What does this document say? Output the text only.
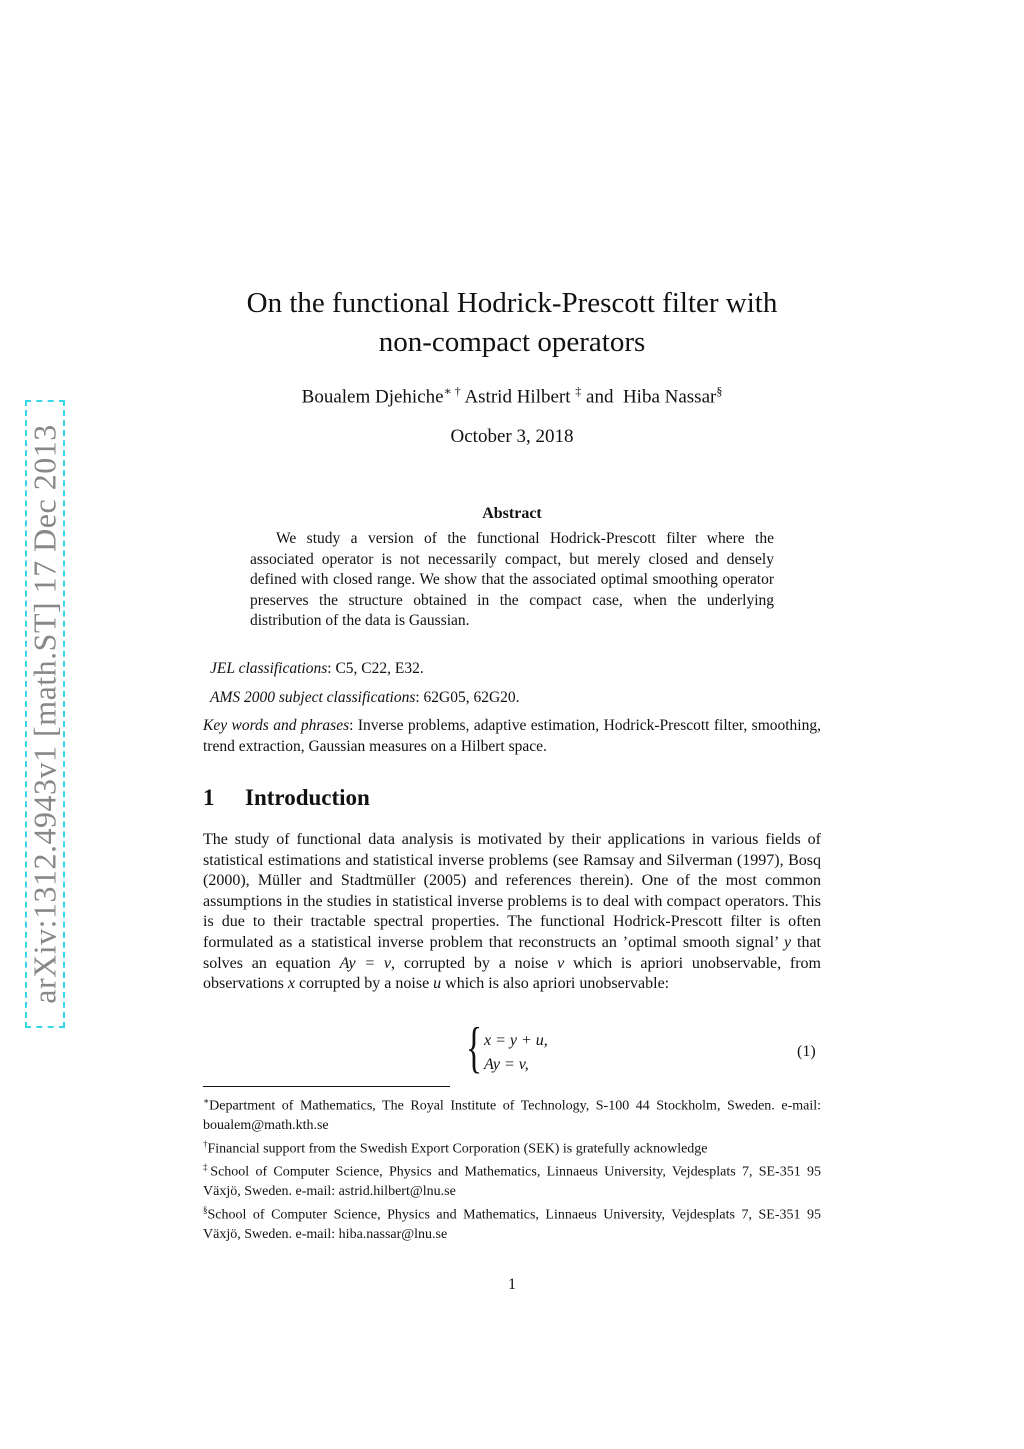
arXiv:1312.4943v1 [math.ST] 17 Dec 2013
On the functional Hodrick-Prescott filter with
non-compact operators
Boualem Djehiche∗ † Astrid Hilbert ‡ and Hiba Nassar§
October 3, 2018
Abstract
We study a version of the functional Hodrick-Prescott filter where the associated operator is not necessarily compact, but merely closed and densely defined with closed range. We show that the associated optimal smoothing operator preserves the structure obtained in the compact case, when the underlying distribution of the data is Gaussian.
JEL classifications: C5, C22, E32.
AMS 2000 subject classifications: 62G05, 62G20.
Key words and phrases: Inverse problems, adaptive estimation, Hodrick-Prescott filter, smoothing, trend extraction, Gaussian measures on a Hilbert space.
1 Introduction
The study of functional data analysis is motivated by their applications in various fields of statistical estimations and statistical inverse problems (see Ramsay and Silverman (1997), Bosq (2000), Müller and Stadtmüller (2005) and references therein). One of the most common assumptions in the studies in statistical inverse problems is to deal with compact operators. This is due to their tractable spectral properties. The functional Hodrick-Prescott filter is often formulated as a statistical inverse problem that reconstructs an ’optimal smooth signal’ y that solves an equation Ay = v, corrupted by a noise v which is apriori unobservable, from observations x corrupted by a noise u which is also apriori unobservable:
{ x = y + u,
Ay = v,
(1)

∗Department of Mathematics, The Royal Institute of Technology, S-100 44 Stockholm, Sweden. e-mail: boualem@math.kth.se

†Financial support from the Swedish Export Corporation (SEK) is gratefully acknowledge

‡School of Computer Science, Physics and Mathematics, Linnaeus University, Vejdesplats 7, SE-351 95 Växjö, Sweden. e-mail: astrid.hilbert@lnu.se

§School of Computer Science, Physics and Mathematics, Linnaeus University, Vejdesplats 7, SE-351 95 Växjö, Sweden. e-mail: hiba.nassar@lnu.se

1
